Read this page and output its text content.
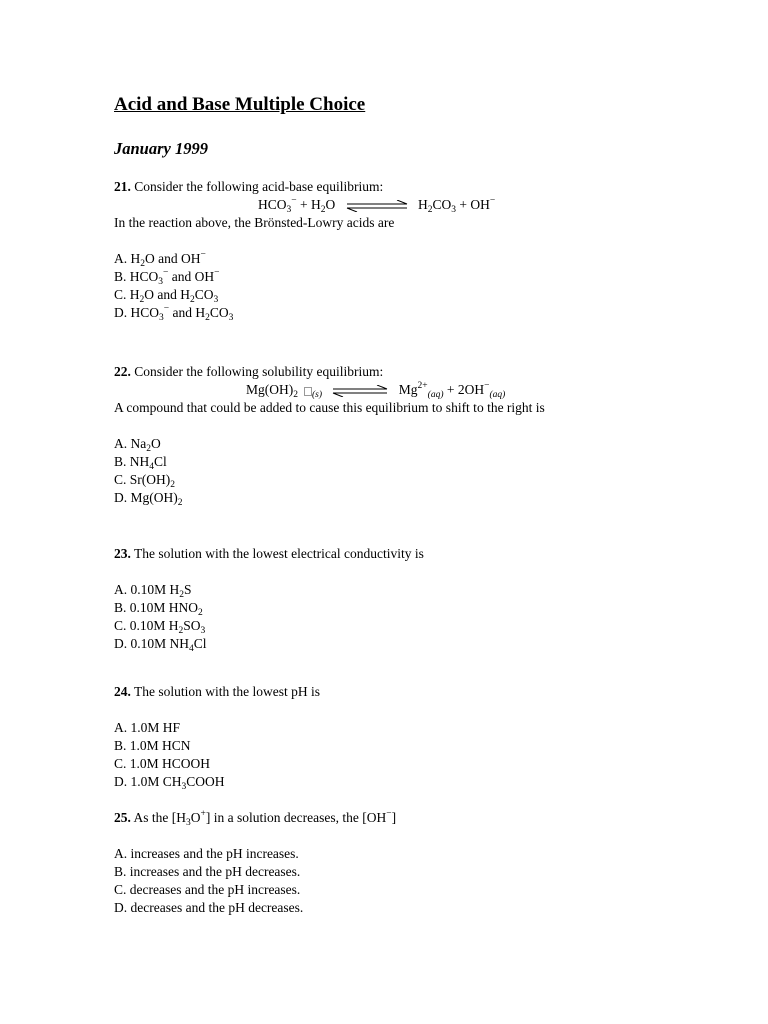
Acid and Base Multiple Choice
January 1999
21. Consider the following acid-base equilibrium:
$HCO_3^- + H_2O$	$H_2CO_3 + OH^-$
In the reaction above, the Brönsted-Lowry acids are
A. $H_2O$ and OH−
B. $HCO_3^-$ and OH−
C. $H_2O$ and $H_2CO_3$
D. $HCO_3^-$ and $H_2CO_3$
22. Consider the following solubility equilibrium:
$Mg(OH)_2$ $_{(s)}$	$Mg^{2+}_{(aq)} + 2OH^-_{(aq)}$
A compound that could be added to cause this equilibrium to shift to the right is
A. $Na_2O$
B. $NH_4Cl$
C. $Sr(OH)_2$
D. $Mg(OH)_2$
23. The solution with the lowest electrical conductivity is
A. 0.10M $H_2S$
B. 0.10M $HNO_2$
C. 0.10M $H_2SO_3$
D. 0.10M $NH_4Cl$
24. The solution with the lowest pH is
A. 1.0M HF
B. 1.0M HCN
C. 1.0M HCOOH
D. 1.0M $CH_3COOH$
25. As the $[H_3O^+]$ in a solution decreases, the [OH−]
A. increases and the pH increases.
B. increases and the pH decreases.
C. decreases and the pH increases.
D. decreases and the pH decreases.
